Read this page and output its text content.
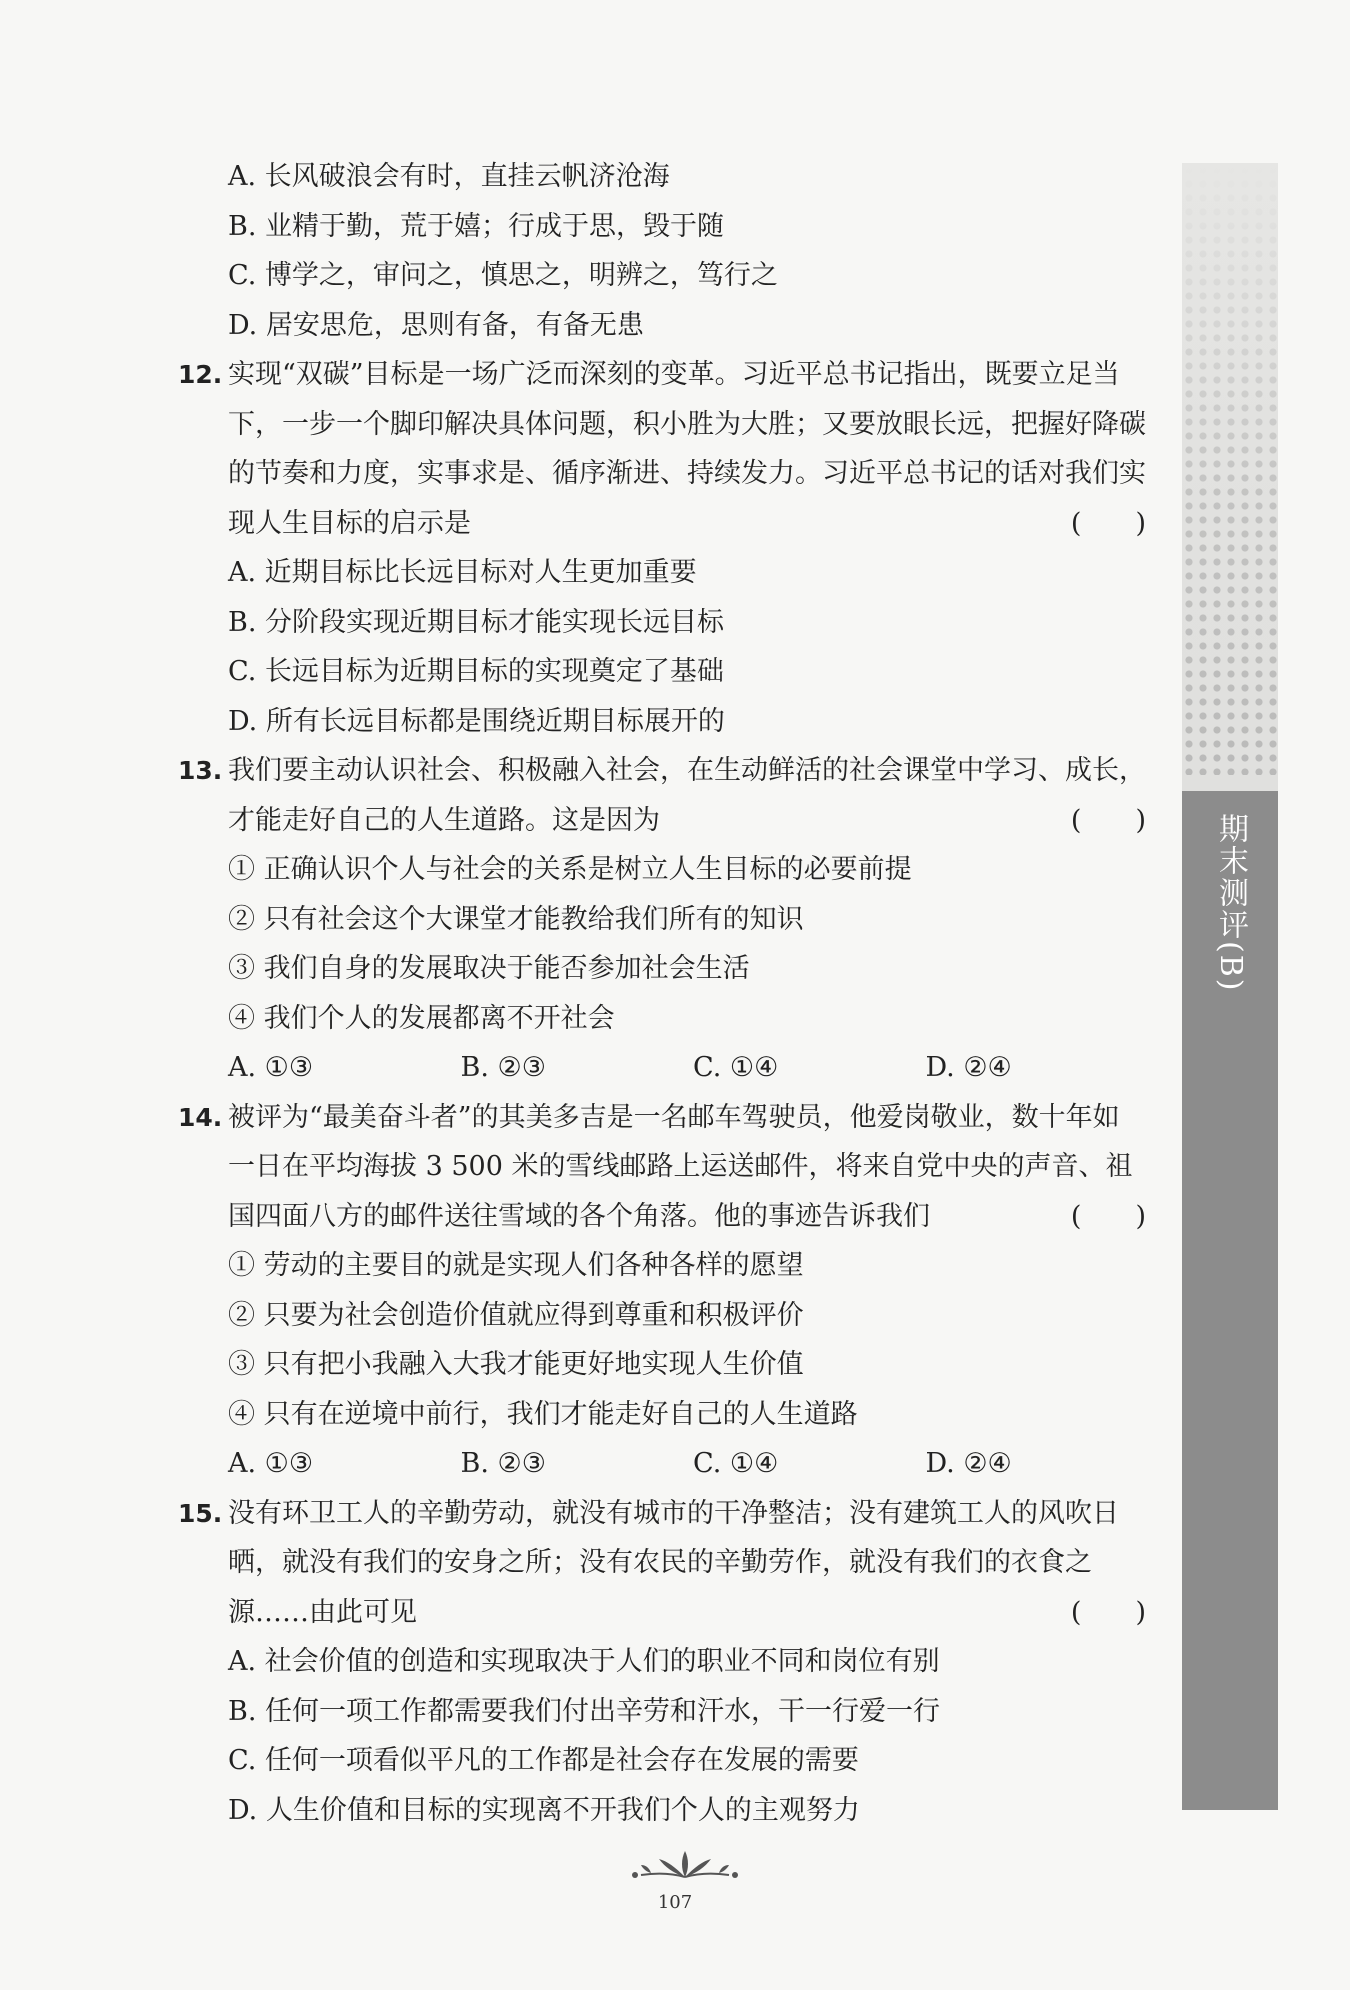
A. 长风破浪会有时，直挂云帆济沧海
B. 业精于勤，荒于嬉；行成于思，毁于随
C. 博学之，审问之，慎思之，明辨之，笃行之
D. 居安思危，思则有备，有备无患
12. 实现“双碳”目标是一场广泛而深刻的变革。习近平总书记指出，既要立足当
下，一步一个脚印解决具体问题，积小胜为大胜；又要放眼长远，把握好降碳
的节奏和力度，实事求是、循序渐进、持续发力。习近平总书记的话对我们实
现人生目标的启示是	(　　)
A. 近期目标比长远目标对人生更加重要
B. 分阶段实现近期目标才能实现长远目标
C. 长远目标为近期目标的实现奠定了基础
D. 所有长远目标都是围绕近期目标展开的
13. 我们要主动认识社会、积极融入社会，在生动鲜活的社会课堂中学习、成长，
才能走好自己的人生道路。这是因为	(　　)
① 正确认识个人与社会的关系是树立人生目标的必要前提
② 只有社会这个大课堂才能教给我们所有的知识
③ 我们自身的发展取决于能否参加社会生活
④ 我们个人的发展都离不开社会
A. ①③	B. ②③	C. ①④	D. ②④
14. 被评为“最美奋斗者”的其美多吉是一名邮车驾驶员，他爱岗敬业，数十年如
一日在平均海拔 3 500 米的雪线邮路上运送邮件，将来自党中央的声音、祖
国四面八方的邮件送往雪域的各个角落。他的事迹告诉我们	(　　)
① 劳动的主要目的就是实现人们各种各样的愿望
② 只要为社会创造价值就应得到尊重和积极评价
③ 只有把小我融入大我才能更好地实现人生价值
④ 只有在逆境中前行，我们才能走好自己的人生道路
A. ①③	B. ②③	C. ①④	D. ②④
15. 没有环卫工人的辛勤劳动，就没有城市的干净整洁；没有建筑工人的风吹日
晒，就没有我们的安身之所；没有农民的辛勤劳作，就没有我们的衣食之
源……由此可见	(　　)
A. 社会价值的创造和实现取决于人们的职业不同和岗位有别
B. 任何一项工作都需要我们付出辛劳和汗水，干一行爱一行
C. 任何一项看似平凡的工作都是社会存在发展的需要
D. 人生价值和目标的实现离不开我们个人的主观努力
期末测评(B)
107
